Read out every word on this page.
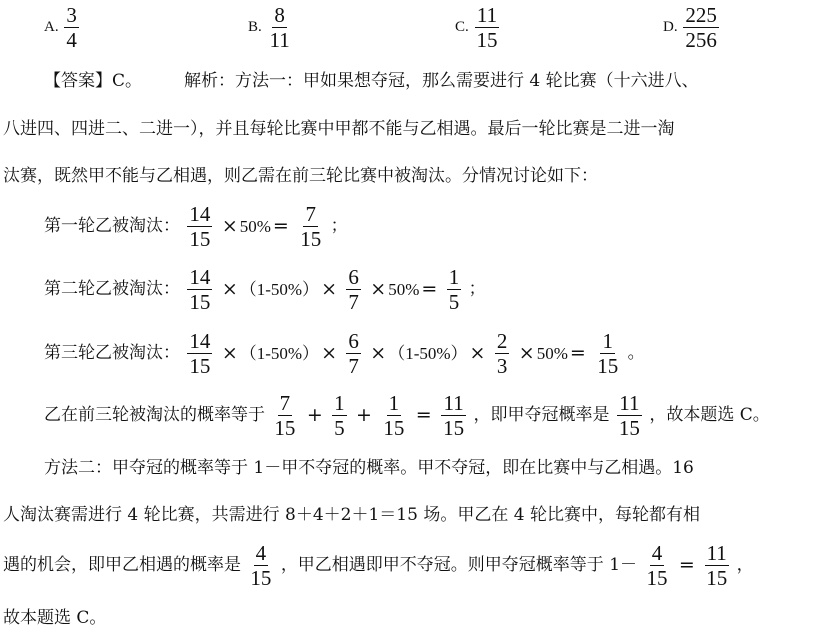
A. $\frac{3}{4}$	B. $\frac{8}{11}$	C. $\frac{11}{15}$	D. $\frac{225}{256}$
【答案】C。 解析：方法一：甲如果想夺冠，那么需要进行 4 轮比赛（十六进八、
八进四、四进二、二进一），并且每轮比赛中甲都不能与乙相遇。最后一轮比赛是二进一淘
汰赛，既然甲不能与乙相遇，则乙需在前三轮比赛中被淘汰。分情况讨论如下：
第一轮乙被淘汰： $\frac{14}{15} \times 50\% = \frac{7}{15}$ ；
第二轮乙被淘汰： $\frac{14}{15} \times (1-50\%) \times \frac{6}{7} \times 50\% = \frac{1}{5}$ ；
第三轮乙被淘汰： $\frac{14}{15} \times (1-50\%) \times \frac{6}{7} \times (1-50\%) \times \frac{2}{3} \times 50\% = \frac{1}{15}$ 。
乙在前三轮被淘汰的概率等于 $\frac{7}{15} + \frac{1}{5} + \frac{1}{15} = \frac{11}{15}$ ，即甲夺冠概率是 $\frac{11}{15}$ ，故本题选 C。
方法二：甲夺冠的概率等于 1－甲不夺冠的概率。甲不夺冠，即在比赛中与乙相遇。16
人淘汰赛需进行 4 轮比赛，共需进行 8＋4＋2＋1＝15 场。甲乙在 4 轮比赛中，每轮都有相
遇的机会，即甲乙相遇的概率是 $\frac{4}{15}$ ，甲乙相遇即甲不夺冠。则甲夺冠概率等于 $1- \frac{4}{15} = \frac{11}{15}$ ，
故本题选 C。
